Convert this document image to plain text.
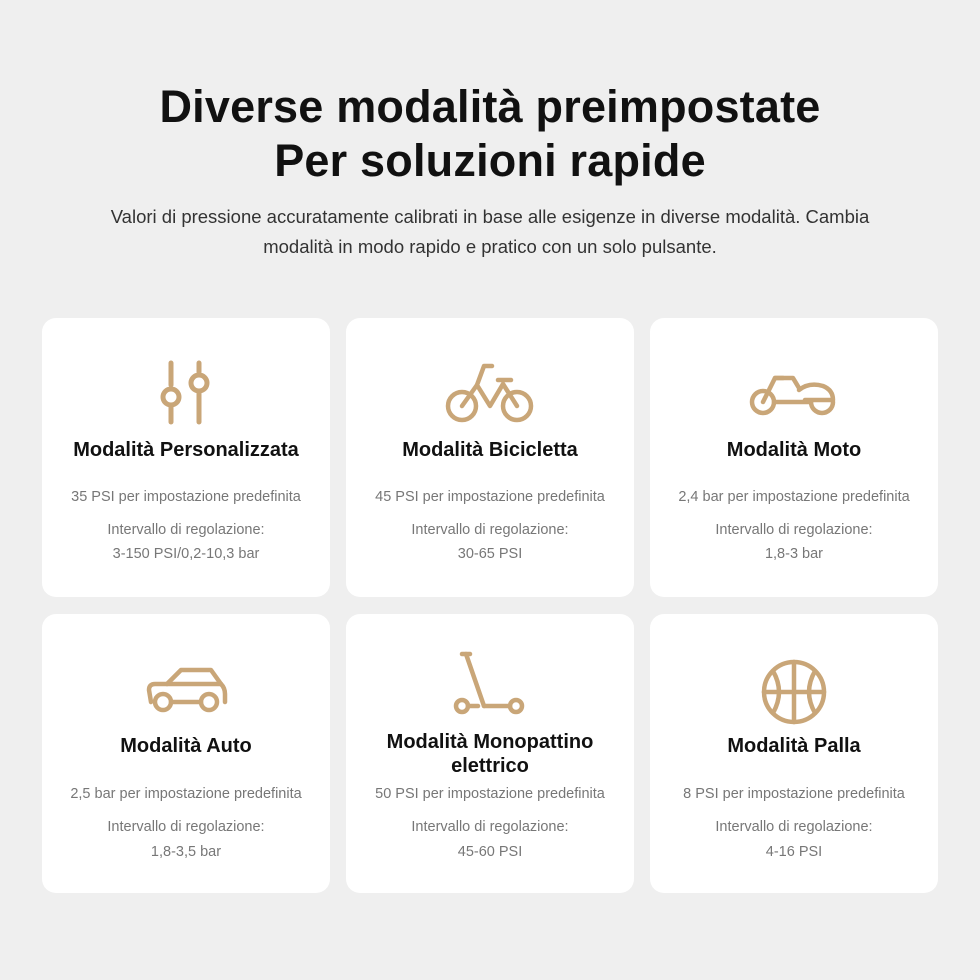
Diverse modalità preimpostate
Per soluzioni rapide
Valori di pressione accuratamente calibrati in base alle esigenze in diverse modalità. Cambia
modalità in modo rapido e pratico con un solo pulsante.
Modalità Personalizzata
35 PSI per impostazione predefinita
Intervallo di regolazione:
3-150 PSI/0,2-10,3 bar
Modalità Bicicletta
45 PSI per impostazione predefinita
Intervallo di regolazione:
30-65 PSI
Modalità Moto
2,4 bar per impostazione predefinita
Intervallo di regolazione:
1,8-3 bar
Modalità Auto
2,5 bar per impostazione predefinita
Intervallo di regolazione:
1,8-3,5 bar
Modalità Monopattino
elettrico
50 PSI per impostazione predefinita
Intervallo di regolazione:
45-60 PSI
Modalità Palla
8 PSI per impostazione predefinita
Intervallo di regolazione:
4-16 PSI
